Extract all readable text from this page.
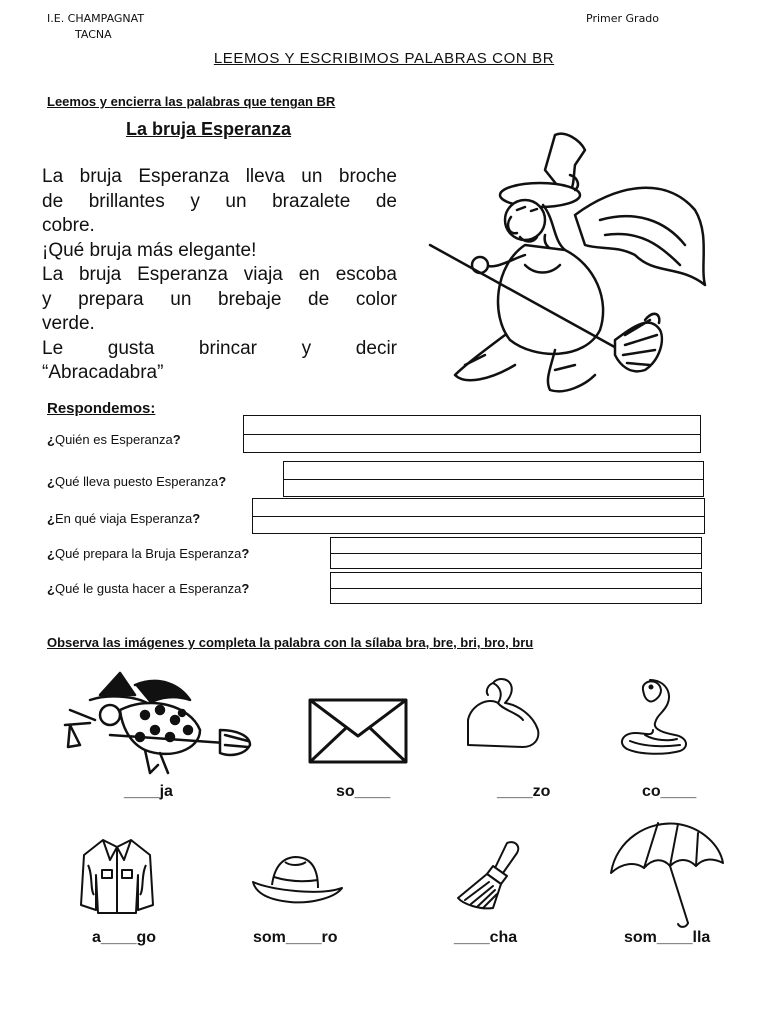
I.E. CHAMPAGNAT
TACNA
Primer Grado
LEEMOS Y ESCRIBIMOS PALABRAS CON BR
Leemos y encierra las palabras que tengan BR
La bruja Esperanza
La bruja Esperanza lleva un broche
de brillantes y un brazalete de
cobre.
¡Qué bruja más elegante!
La bruja Esperanza viaja en escoba
y prepara un brebaje de color
verde.
Le gusta brincar y decir
“Abracadabra”
Respondemos:
¿Quién es Esperanza?
¿Qué lleva puesto Esperanza?
¿En qué viaja Esperanza?
¿Qué prepara la Bruja Esperanza?
¿Qué le gusta hacer a Esperanza?
Observa las imágenes y completa la palabra con la sílaba bra, bre, bri, bro, bru
____ja	so____	____zo	co____
a____go	som____ro	____cha	som____lla
